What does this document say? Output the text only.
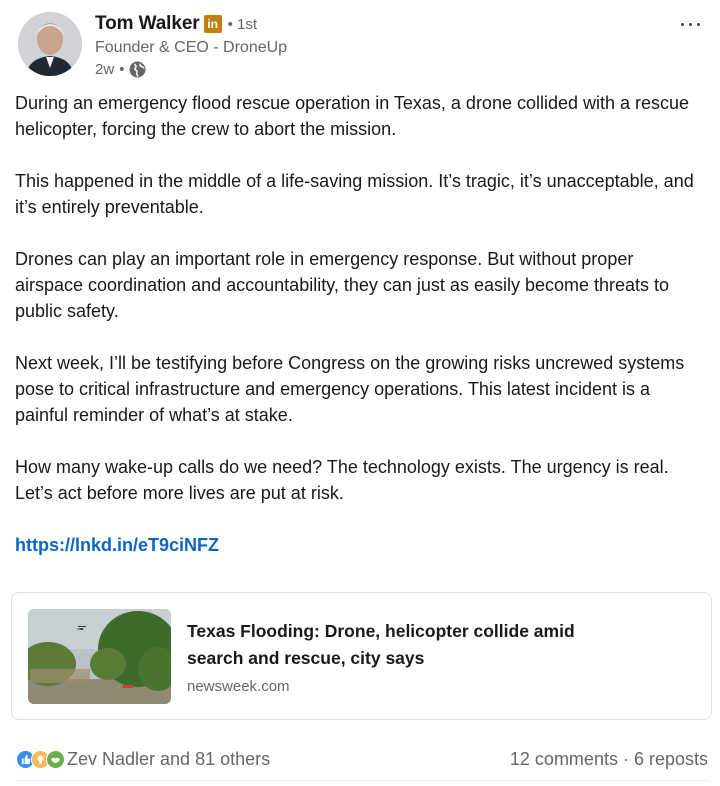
Tom Walker in • 1st
Founder & CEO - DroneUp
2w •

During an emergency flood rescue operation in Texas, a drone collided with a rescue helicopter, forcing the crew to abort the mission.

This happened in the middle of a life-saving mission. It’s tragic, it’s unacceptable, and it’s entirely preventable.

Drones can play an important role in emergency response. But without proper airspace coordination and accountability, they can just as easily become threats to public safety.

Next week, I’ll be testifying before Congress on the growing risks uncrewed systems pose to critical infrastructure and emergency operations. This latest incident is a painful reminder of what’s at stake.

How many wake-up calls do we need? The technology exists. The urgency is real. Let’s act before more lives are put at risk.

https://lnkd.in/eT9ciNFZ

Texas Flooding: Drone, helicopter collide amid search and rescue, city says
newsweek.com
Zev Nadler and 81 others	12 comments · 6 reposts
